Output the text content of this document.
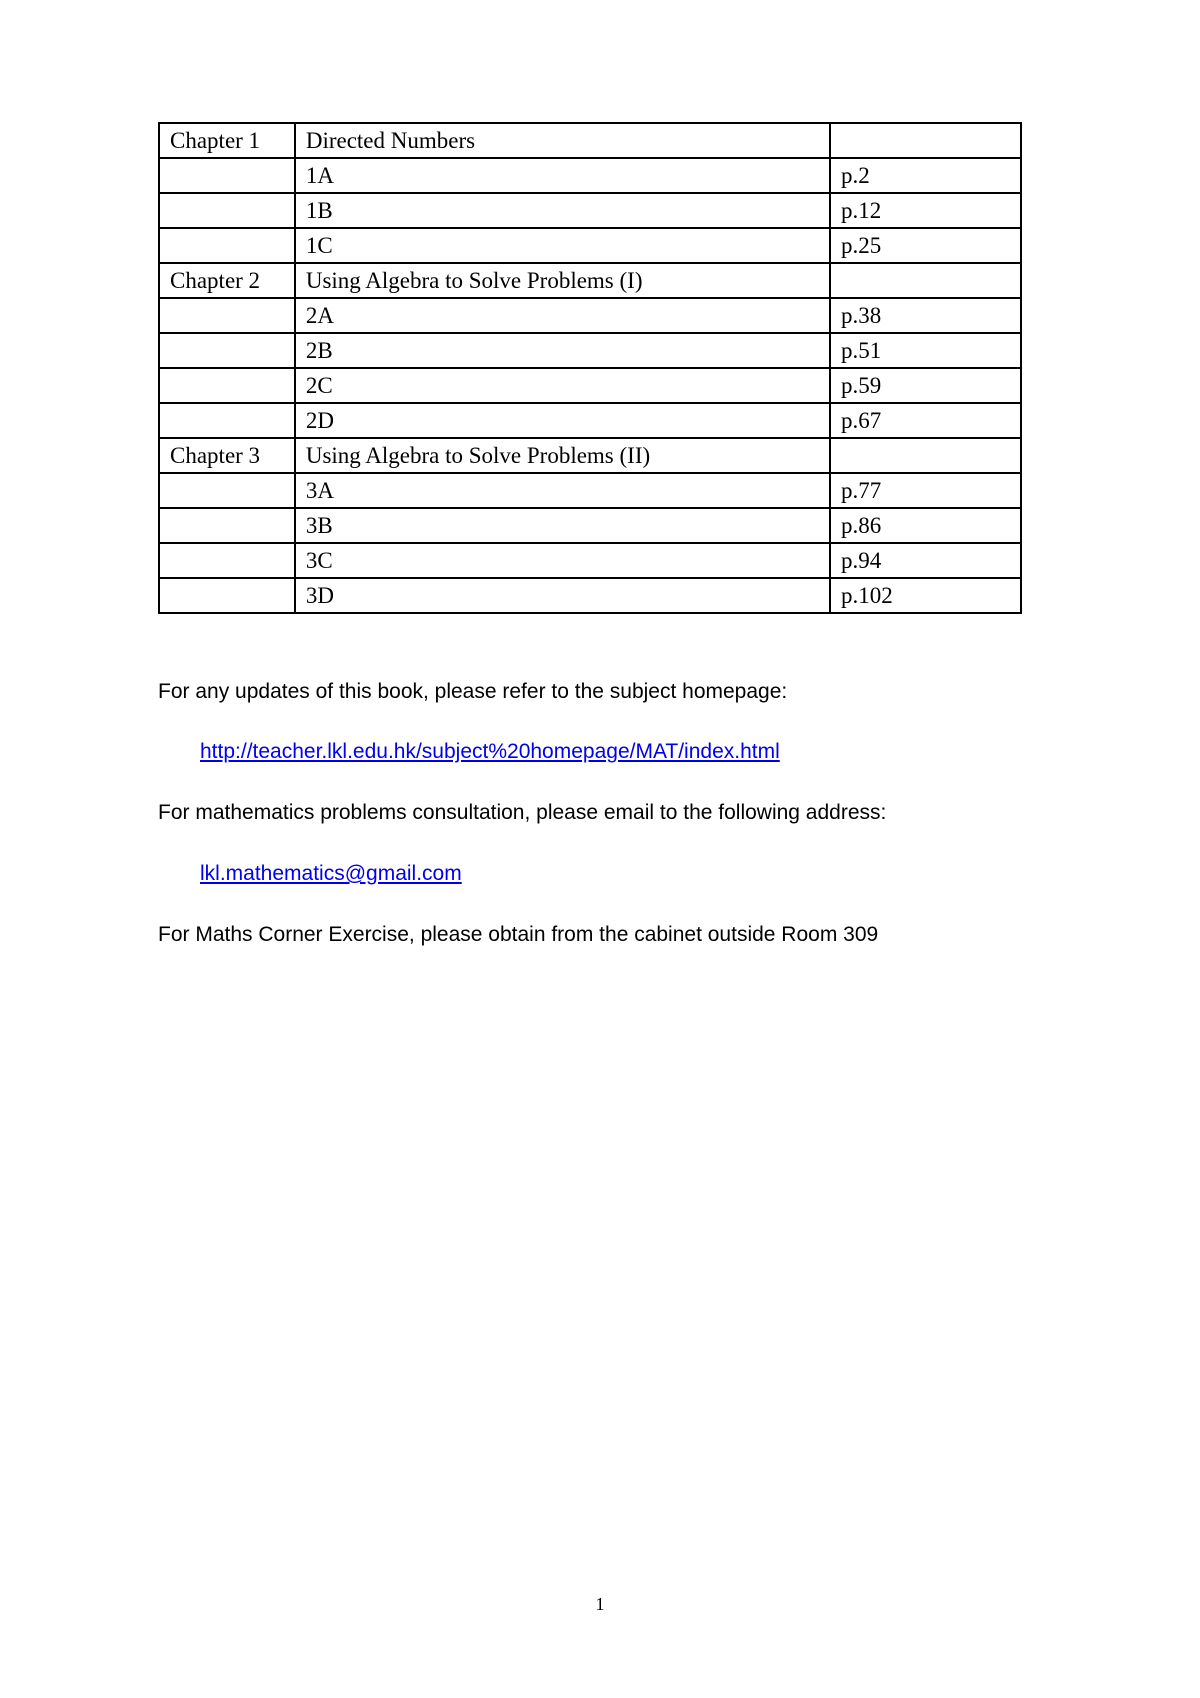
Chapter 1	Directed Numbers	
	1A	p.2
	1B	p.12
	1C	p.25
Chapter 2	Using Algebra to Solve Problems (I)	
	2A	p.38
	2B	p.51
	2C	p.59
	2D	p.67
Chapter 3	Using Algebra to Solve Problems (II)	
	3A	p.77
	3B	p.86
	3C	p.94
	3D	p.102

For any updates of this book, please refer to the subject homepage:

http://teacher.lkl.edu.hk/subject%20homepage/MAT/index.html

For mathematics problems consultation, please email to the following address:

lkl.mathematics@gmail.com

For Maths Corner Exercise, please obtain from the cabinet outside Room 309

1
